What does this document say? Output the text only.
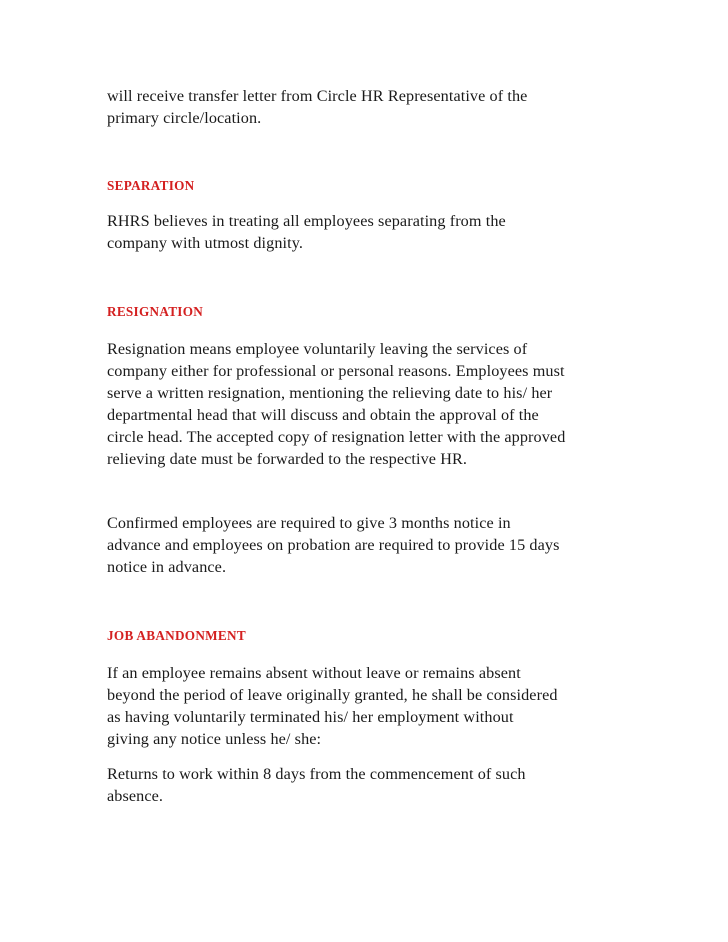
will receive transfer letter from Circle HR Representative of the
primary circle/location.

SEPARATION

RHRS believes in treating all employees separating from the
company with utmost dignity.

RESIGNATION

Resignation means employee voluntarily leaving the services of
company either for professional or personal reasons. Employees must
serve a written resignation, mentioning the relieving date to his/ her
departmental head that will discuss and obtain the approval of the
circle head. The accepted copy of resignation letter with the approved
relieving date must be forwarded to the respective HR.

Confirmed employees are required to give 3 months notice in
advance and employees on probation are required to provide 15 days
notice in advance.

JOB ABANDONMENT

If an employee remains absent without leave or remains absent
beyond the period of leave originally granted, he shall be considered
as having voluntarily terminated his/ her employment without
giving any notice unless he/ she:

Returns to work within 8 days from the commencement of such
absence.
